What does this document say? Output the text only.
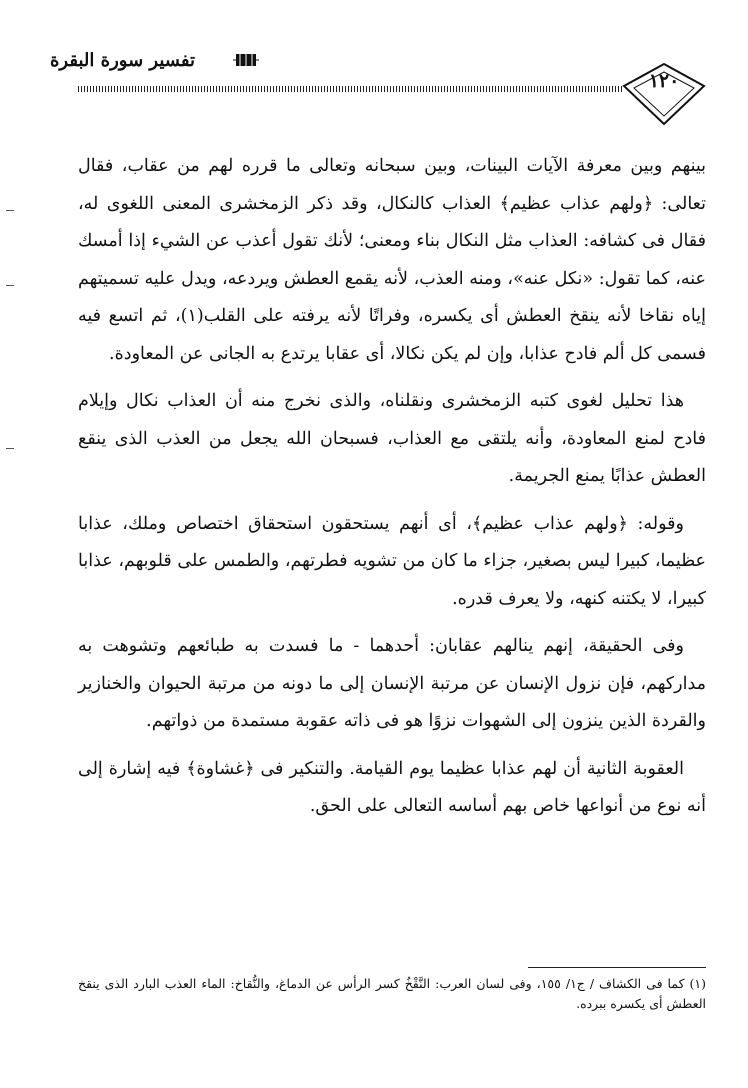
تفسير سورة البقرة
١٢٠

بينهم وبين معرفة الآيات البينات، وبين سبحانه وتعالى ما قرره لهم من عقاب، فقال تعالى: ﴿ولهم عذاب عظيم﴾ العذاب كالنكال، وقد ذكر الزمخشرى المعنى اللغوى له، فقال فى كشافه: العذاب مثل النكال بناء ومعنى؛ لأنك تقول أعذب عن الشيء إذا أمسك عنه، كما تقول: «نكل عنه»، ومنه العذب، لأنه يقمع العطش ويردعه، ويدل عليه تسميتهم إياه نقاخا لأنه ينقخ العطش أى يكسره، وفراتًا لأنه يرفته على القلب(١)، ثم اتسع فيه فسمى كل ألم فادح عذابا، وإن لم يكن نكالا، أى عقابا يرتدع به الجانى عن المعاودة.

هذا تحليل لغوى كتبه الزمخشرى ونقلناه، والذى نخرج منه أن العذاب نكال وإيلام فادح لمنع المعاودة، وأنه يلتقى مع العذاب، فسبحان الله يجعل من العذب الذى ينقع العطش عذابًا يمنع الجريمة.

وقوله: ﴿ولهم عذاب عظيم﴾، أى أنهم يستحقون استحقاق اختصاص وملك، عذابا عظيما، كبيرا ليس بصغير، جزاء ما كان من تشويه فطرتهم، والطمس على قلوبهم، عذابا كبيرا، لا يكتنه كنهه، ولا يعرف قدره.

وفى الحقيقة، إنهم ينالهم عقابان: أحدهما - ما فسدت به طبائعهم وتشوهت به مداركهم، فإن نزول الإنسان عن مرتبة الإنسان إلى ما دونه من مرتبة الحيوان والخنازير والقردة الذين ينزون إلى الشهوات نزوًا هو فى ذاته عقوبة مستمدة من ذواتهم.

العقوبة الثانية أن لهم عذابا عظيما يوم القيامة. والتنكير فى ﴿غشاوة﴾ فيه إشارة إلى أنه نوع من أنواعها خاص بهم أساسه التعالى على الحق.

(١) كما فى الكشاف / ج١/ ١٥٥، وفى لسان العرب: النَّقْخُ كسر الرأس عن الدماغ، والنُّقاخ: الماء العذب البارد الذى ينقخ العطش أى يكسره ببرده.
